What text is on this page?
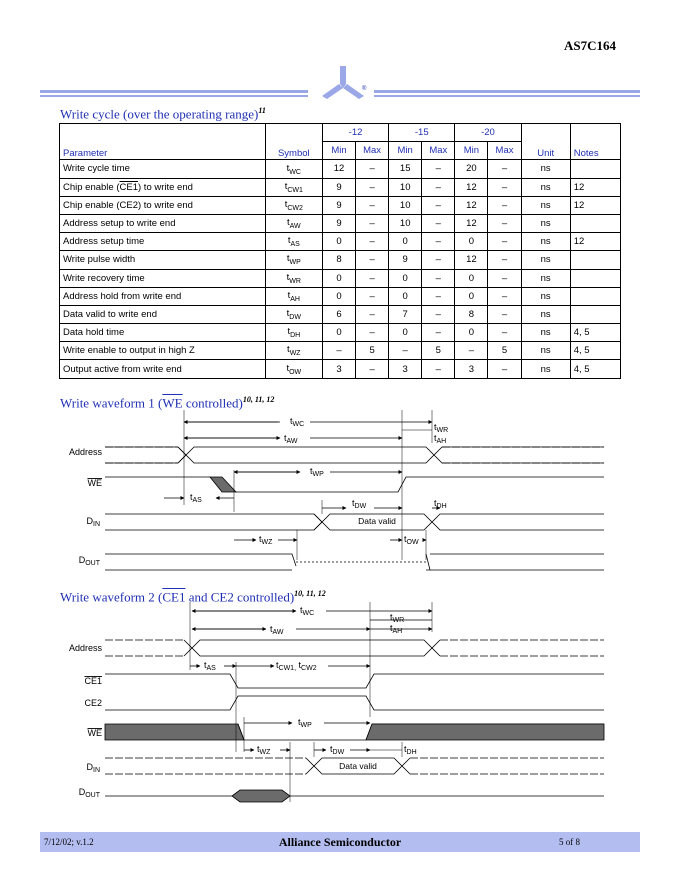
AS7C164
®
Write cycle (over the operating range)$^{11}$
Parameter	Symbol	-12		-15		-20		Unit	Notes
		Min	Max	Min	Max	Min	Max		
Write cycle time	$t_{WC}$	12	–	15	–	20	–	ns	
Chip enable (CE1) to write end	$t_{CW1}$	9	–	10	–	12	–	ns	12
Chip enable (CE2) to write end	$t_{CW2}$	9	–	10	–	12	–	ns	12
Address setup to write end	$t_{AW}$	9	–	10	–	12	–	ns	
Address setup time	$t_{AS}$	0	–	0	–	0	–	ns	12
Write pulse width	$t_{WP}$	8	–	9	–	12	–	ns	
Write recovery time	$t_{WR}$	0	–	0	–	0	–	ns	
Address hold from write end	$t_{AH}$	0	–	0	–	0	–	ns	
Data valid to write end	$t_{DW}$	6	–	7	–	8	–	ns	
Data hold time	$t_{DH}$	0	–	0	–	0	–	ns	4, 5
Write enable to output in high Z	$t_{WZ}$	–	5	–	5	–	5	ns	4, 5
Output active from write end	$t_{OW}$	3	–	3	–	3	–	ns	4, 5
Write waveform 1 ($\overline{WE}$ controlled)$^{10, 11, 12}$
Address
WE
$D_{IN}$
$D_{OUT}$
Data valid
$t_{WC}$
$t_{AW}$
$t_{WR}$
$t_{AH}$
$t_{WP}$
$t_{AS}$	$t_{DW}$	$t_{DH}$
$t_{WZ}$	$t_{OW}$
Write waveform 2 (CE1 and CE2 controlled)$^{10, 11, 12}$
Address
CE1
CE2
WE
$D_{IN}$
$D_{OUT}$
Data valid
$t_{WC}$
$t_{AW}$
$t_{WR}$
$t_{AH}$
$t_{AS}$	$t_{CW1,}$ $t_{CW2}$
$t_{WP}$
$t_{WZ}$	$t_{DW}$	$t_{DH}$
7/12/02; v.1.2	Alliance Semiconductor	5 of 8
